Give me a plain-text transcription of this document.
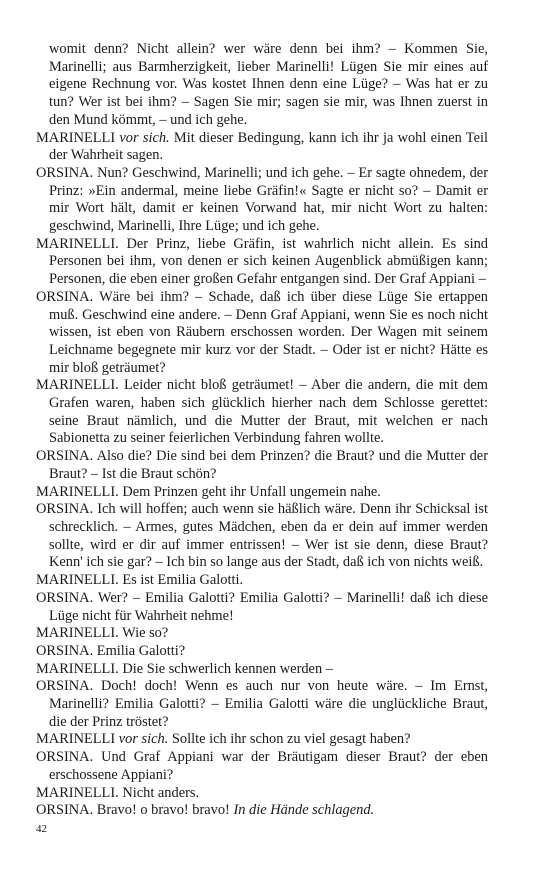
womit denn? Nicht allein? wer wäre denn bei ihm? – Kommen Sie, Marinelli; aus Barmherzigkeit, lieber Marinelli! Lügen Sie mir eines auf eigene Rechnung vor. Was kostet Ihnen denn eine Lüge? – Was hat er zu tun? Wer ist bei ihm? – Sagen Sie mir; sagen sie mir, was Ihnen zuerst in den Mund kömmt, – und ich gehe.

MARINELLI vor sich. Mit dieser Bedingung, kann ich ihr ja wohl einen Teil der Wahrheit sagen.

ORSINA. Nun? Geschwind, Marinelli; und ich gehe. – Er sagte ohnedem, der Prinz: »Ein andermal, meine liebe Gräfin!« Sagte er nicht so? – Damit er mir Wort hält, damit er keinen Vorwand hat, mir nicht Wort zu halten: geschwind, Marinelli, Ihre Lüge; und ich gehe.

MARINELLI. Der Prinz, liebe Gräfin, ist wahrlich nicht allein. Es sind Personen bei ihm, von denen er sich keinen Augenblick abmüßigen kann; Personen, die eben einer großen Gefahr entgangen sind. Der Graf Appiani –

ORSINA. Wäre bei ihm? – Schade, daß ich über diese Lüge Sie ertappen muß. Geschwind eine andere. – Denn Graf Appiani, wenn Sie es noch nicht wissen, ist eben von Räubern erschossen worden. Der Wagen mit seinem Leichname begegnete mir kurz vor der Stadt. – Oder ist er nicht? Hätte es mir bloß geträumet?

MARINELLI. Leider nicht bloß geträumet! – Aber die andern, die mit dem Grafen waren, haben sich glücklich hierher nach dem Schlosse gerettet: seine Braut nämlich, und die Mutter der Braut, mit welchen er nach Sabionetta zu seiner feierlichen Verbindung fahren wollte.

ORSINA. Also die? Die sind bei dem Prinzen? die Braut? und die Mutter der Braut? – Ist die Braut schön?

MARINELLI. Dem Prinzen geht ihr Unfall ungemein nahe.

ORSINA. Ich will hoffen; auch wenn sie häßlich wäre. Denn ihr Schicksal ist schrecklich. – Armes, gutes Mädchen, eben da er dein auf immer werden sollte, wird er dir auf immer entrissen! – Wer ist sie denn, diese Braut? Kenn' ich sie gar? – Ich bin so lange aus der Stadt, daß ich von nichts weiß.

MARINELLI. Es ist Emilia Galotti.

ORSINA. Wer? – Emilia Galotti? Emilia Galotti? – Marinelli! daß ich diese Lüge nicht für Wahrheit nehme!

MARINELLI. Wie so?

ORSINA. Emilia Galotti?

MARINELLI. Die Sie schwerlich kennen werden –

ORSINA. Doch! doch! Wenn es auch nur von heute wäre. – Im Ernst, Marinelli? Emilia Galotti? – Emilia Galotti wäre die unglückliche Braut, die der Prinz tröstet?

MARINELLI vor sich. Sollte ich ihr schon zu viel gesagt haben?

ORSINA. Und Graf Appiani war der Bräutigam dieser Braut? der eben erschossene Appiani?

MARINELLI. Nicht anders.

ORSINA. Bravo! o bravo! bravo! In die Hände schlagend.

42
